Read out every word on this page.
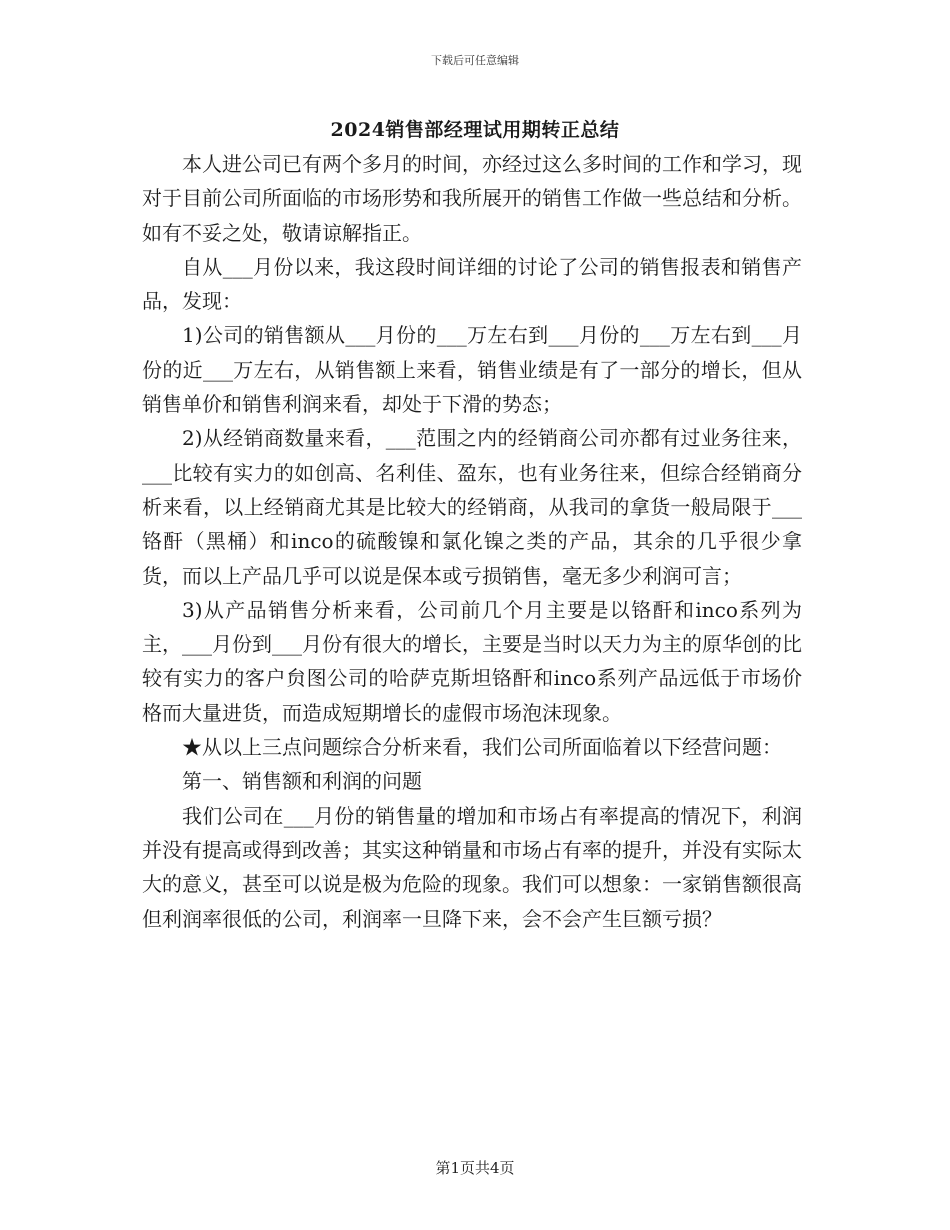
下载后可任意编辑
2024销售部经理试用期转正总结

本人进公司已有两个多月的时间，亦经过这么多时间的工作和学习，现对于目前公司所面临的市场形势和我所展开的销售工作做一些总结和分析。如有不妥之处，敬请谅解指正。

自从___月份以来，我这段时间详细的讨论了公司的销售报表和销售产品，发现：

1)公司的销售额从___月份的___万左右到___月份的___万左右到___月份的近___万左右，从销售额上来看，销售业绩是有了一部分的增长，但从销售单价和销售利润来看，却处于下滑的势态；

2)从经销商数量来看，___范围之内的经销商公司亦都有过业务往来，___比较有实力的如创高、名利佳、盈东，也有业务往来，但综合经销商分析来看，以上经销商尤其是比较大的经销商，从我司的拿货一般局限于___铬酐（黑桶）和inco的硫酸镍和氯化镍之类的产品，其余的几乎很少拿货，而以上产品几乎可以说是保本或亏损销售，毫无多少利润可言；

3)从产品销售分析来看，公司前几个月主要是以铬酐和inco系列为主，___月份到___月份有很大的增长，主要是当时以天力为主的原华创的比较有实力的客户贠图公司的哈萨克斯坦铬酐和inco系列产品远低于市场价格而大量进货，而造成短期增长的虚假市场泡沫现象。

★从以上三点问题综合分析来看，我们公司所面临着以下经营问题：

第一、销售额和利润的问题

我们公司在___月份的销售量的增加和市场占有率提高的情况下，利润并没有提高或得到改善；其实这种销量和市场占有率的提升，并没有实际太大的意义，甚至可以说是极为危险的现象。我们可以想象：一家销售额很高但利润率很低的公司，利润率一旦降下来，会不会产生巨额亏损？

第1页共4页
